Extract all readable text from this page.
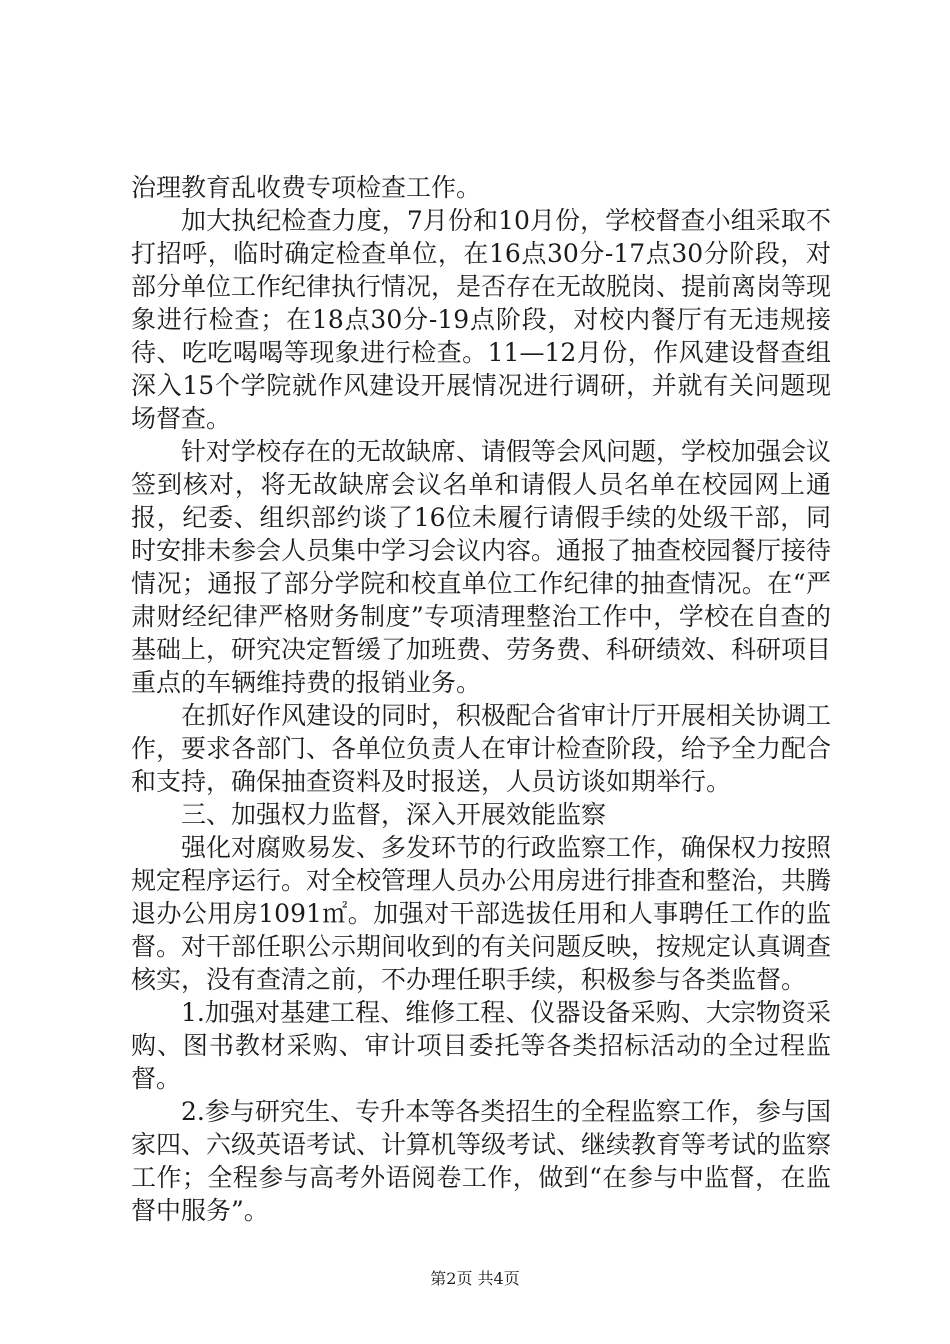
治理教育乱收费专项检查工作。

加大执纪检查力度，7月份和10月份，学校督查小组采取不打招呼，临时确定检查单位，在16点30分-17点30分阶段，对部分单位工作纪律执行情况，是否存在无故脱岗、提前离岗等现象进行检查；在18点30分-19点阶段，对校内餐厅有无违规接待、吃吃喝喝等现象进行检查。11—12月份，作风建设督查组深入15个学院就作风建设开展情况进行调研，并就有关问题现场督查。

针对学校存在的无故缺席、请假等会风问题，学校加强会议签到核对，将无故缺席会议名单和请假人员名单在校园网上通报，纪委、组织部约谈了16位未履行请假手续的处级干部，同时安排未参会人员集中学习会议内容。通报了抽查校园餐厅接待情况；通报了部分学院和校直单位工作纪律的抽查情况。在“严肃财经纪律严格财务制度”专项清理整治工作中，学校在自查的基础上，研究决定暂缓了加班费、劳务费、科研绩效、科研项目重点的车辆维持费的报销业务。

在抓好作风建设的同时，积极配合省审计厅开展相关协调工作，要求各部门、各单位负责人在审计检查阶段，给予全力配合和支持，确保抽查资料及时报送，人员访谈如期举行。

三、加强权力监督，深入开展效能监察

强化对腐败易发、多发环节的行政监察工作，确保权力按照规定程序运行。对全校管理人员办公用房进行排查和整治，共腾退办公用房1091㎡。加强对干部选拔任用和人事聘任工作的监督。对干部任职公示期间收到的有关问题反映，按规定认真调查核实，没有查清之前，不办理任职手续，积极参与各类监督。

1.加强对基建工程、维修工程、仪器设备采购、大宗物资采购、图书教材采购、审计项目委托等各类招标活动的全过程监督。

2.参与研究生、专升本等各类招生的全程监察工作，参与国家四、六级英语考试、计算机等级考试、继续教育等考试的监察工作；全程参与高考外语阅卷工作，做到“在参与中监督，在监督中服务”。

第2页 共4页
